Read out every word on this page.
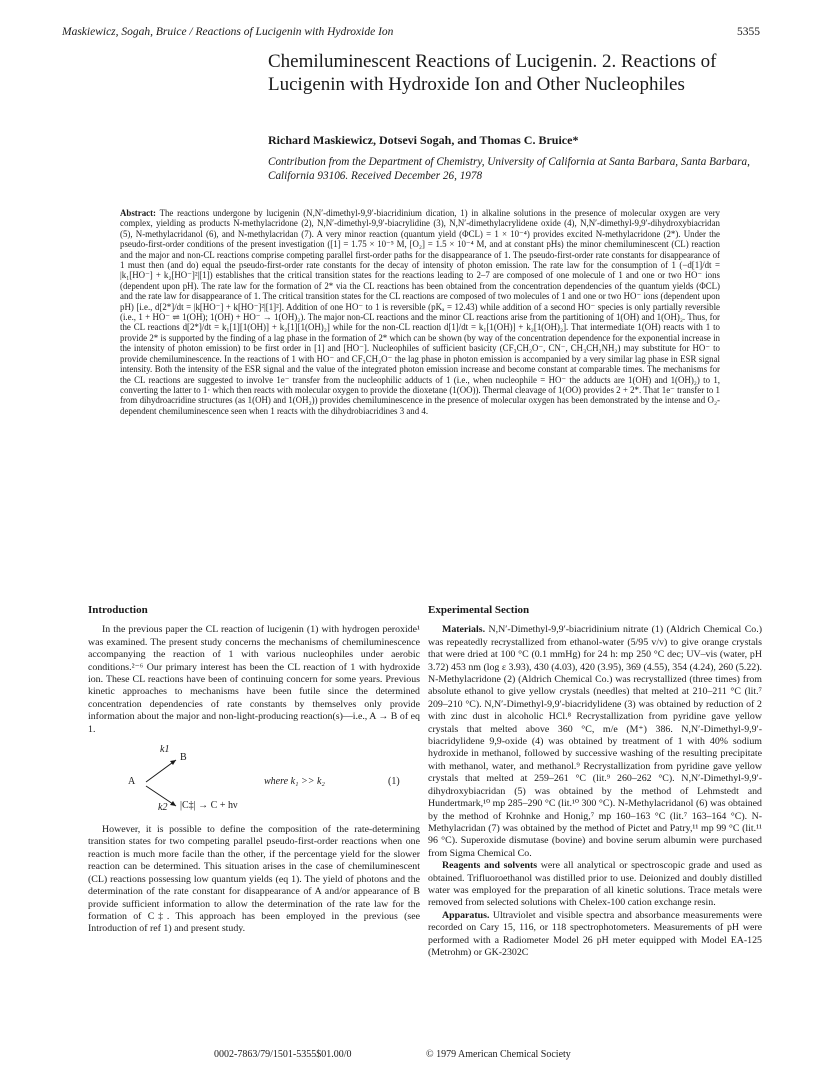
Maskiewicz, Sogah, Bruice / Reactions of Lucigenin with Hydroxide Ion	5355
Chemiluminescent Reactions of Lucigenin. 2. Reactions of Lucigenin with Hydroxide Ion and Other Nucleophiles
Richard Maskiewicz, Dotsevi Sogah, and Thomas C. Bruice*
Contribution from the Department of Chemistry, University of California at Santa Barbara, Santa Barbara, California 93106. Received December 26, 1978
Abstract: The reactions undergone by lucigenin (N,N′-dimethyl-9,9′-biacridinium dication, 1) in alkaline solutions in the presence of molecular oxygen are very complex, yielding as products N-methylacridone (2), N,N′-dimethyl-9,9′-biacrylidine (3), N,N′-dimethylacrylidene oxide (4), N,N′-dimethyl-9,9′-dihydroxybiacridan (5), N-methylacridanol (6), and N-methylacridan (7). A very minor reaction (quantum yield (ΦCL) = 1 × 10⁻⁴) provides excited N-methylacridone (2*). Under the pseudo-first-order conditions of the present investigation ([1] = 1.75 × 10⁻⁵ M, [O₂] = 1.5 × 10⁻⁴ M, and at constant pHs) the minor chemiluminescent (CL) reaction and the major and non-CL reactions comprise competing parallel first-order paths for the disappearance of 1. The pseudo-first-order rate constants for disappearance of 1 must then (and do) equal the pseudo-first-order rate constants for the decay of intensity of photon emission. The rate law for the consumption of 1 (−d[1]/dt = |k₁[HO⁻] + k₂[HO⁻]²|[1]) establishes that the critical transition states for the reactions leading to 2–7 are composed of one molecule of 1 and one or two HO⁻ ions (dependent upon pH). The rate law for the formation of 2* via the CL reactions has been obtained from the concentration dependencies of the quantum yields (ΦCL) and the rate law for disappearance of 1. The critical transition states for the CL reactions are composed of two molecules of 1 and one or two HO⁻ ions (dependent upon pH) [i.e., d[2*]/dt = |k[HO⁻] + k[HO⁻]²|[1]²]. Addition of one HO⁻ to 1 is reversible (pKₐ = 12.43) while addition of a second HO⁻ species is only partially reversible (i.e., 1 + HO⁻ ⇌ 1(OH); 1(OH) + HO⁻ → 1(OH)₂). The major non-CL reactions and the minor CL reactions arise from the partitioning of 1(OH) and 1(OH)₂. Thus, for the CL reactions d[2*]/dt = k₁[1][1(OH)] + k₂[1][1(OH)₂] while for the non-CL reaction d[1]/dt = k₁[1(OH)] + k₂[1(OH)₂]. That intermediate 1(OH) reacts with 1 to provide 2* is supported by the finding of a lag phase in the formation of 2* which can be shown (by way of the concentration dependence for the exponential increase in the intensity of photon emission) to be first order in [1] and [HO⁻]. Nucleophiles of sufficient basicity (CF₃CH₂O⁻, CN⁻, CH₃CH₂NH₂) may substitute for HO⁻ to provide chemiluminescence. In the reactions of 1 with HO⁻ and CF₃CH₂O⁻ the lag phase in photon emission is accompanied by a very similar lag phase in ESR signal intensity. Both the intensity of the ESR signal and the value of the integrated photon emission increase and become constant at comparable times. The mechanisms for the CL reactions are suggested to involve 1e⁻ transfer from the nucleophilic adducts of 1 (i.e., when nucleophile = HO⁻ the adducts are 1(OH) and 1(OH)₂) to 1, converting the latter to 1· which then reacts with molecular oxygen to provide the dioxetane (1(OO)). Thermal cleavage of 1(OO) provides 2 + 2*. That 1e⁻ transfer to 1 from dihydroacridine structures (as 1(OH) and 1(OH₂)) provides chemiluminescence in the presence of molecular oxygen has been demonstrated by the intense and O₂-dependent chemiluminescence seen when 1 reacts with the dihydrobiacridines 3 and 4.
Introduction

In the previous paper the CL reaction of lucigenin (1) with hydrogen peroxide¹ was examined. The present study concerns the mechanisms of chemiluminescence accompanying the reaction of 1 with various nucleophiles under aerobic conditions.²⁻⁶ Our primary interest has been the CL reaction of 1 with hydroxide ion. These CL reactions have been of continuing concern for some years. Previous kinetic approaches to mechanisms have been futile since the determined concentration dependencies of rate constants by themselves only provide information about the major and non-light-producing reaction(s)—i.e., A → B of eq 1.

A
B
k1
k2 |C‡| → C + hν
where k₁ >> k₂	(1)

However, it is possible to define the composition of the rate-determining transition states for two competing parallel pseudo-first-order reactions when one reaction is much more facile than the other, if the percentage yield for the slower reaction can be determined. This situation arises in the case of chemiluminescent (CL) reactions possessing low quantum yields (eq 1). The yield of photons and the determination of the rate constant for disappearance of A and/or appearance of B provide sufficient information to allow the determination of the rate law for the formation of C‡. This approach has been employed in the previous (see Introduction of ref 1) and present study.

Experimental Section

Materials. N,N′-Dimethyl-9,9′-biacridinium nitrate (1) (Aldrich Chemical Co.) was repeatedly recrystallized from ethanol-water (5/95 v/v) to give orange crystals that were dried at 100 °C (0.1 mmHg) for 24 h: mp 250 °C dec; UV–vis (water, pH 3.72) 453 nm (log ε 3.93), 430 (4.03), 420 (3.95), 369 (4.55), 354 (4.24), 260 (5.22). N-Methylacridone (2) (Aldrich Chemical Co.) was recrystallized (three times) from absolute ethanol to give yellow crystals (needles) that melted at 210–211 °C (lit.⁷ 209–210 °C). N,N′-Dimethyl-9,9′-biacridylidene (3) was obtained by reduction of 2 with zinc dust in alcoholic HCl.⁸ Recrystallization from pyridine gave yellow crystals that melted above 360 °C, m/e (M⁺) 386. N,N′-Dimethyl-9,9′-biacridylidene 9,9-oxide (4) was obtained by treatment of 1 with 40% sodium hydroxide in methanol, followed by successive washing of the resulting precipitate with methanol, water, and methanol.⁹ Recrystallization from pyridine gave yellow crystals that melted at 259–261 °C (lit.⁹ 260–262 °C). N,N′-Dimethyl-9,9′-dihydroxybiacridan (5) was obtained by the method of Lehmstedt and Hundertmark,¹⁰ mp 285–290 °C (lit.¹⁰ 300 °C). N-Methylacridanol (6) was obtained by the method of Krohnke and Honig,⁷ mp 160–163 °C (lit.⁷ 163–164 °C). N-Methylacridan (7) was obtained by the method of Pictet and Patry,¹¹ mp 99 °C (lit.¹¹ 96 °C). Superoxide dismutase (bovine) and bovine serum albumin were purchased from Sigma Chemical Co.

Reagents and solvents were all analytical or spectroscopic grade and used as obtained. Trifluoroethanol was distilled prior to use. Deionized and doubly distilled water was employed for the preparation of all kinetic solutions. Trace metals were removed from selected solutions with Chelex-100 cation exchange resin.

Apparatus. Ultraviolet and visible spectra and absorbance measurements were recorded on Cary 15, 116, or 118 spectrophotometers. Measurements of pH were performed with a Radiometer Model 26 pH meter equipped with Model EA-125 (Metrohm) or GK-2302C

0002-7863/79/1501-5355$01.00/0	© 1979 American Chemical Society
